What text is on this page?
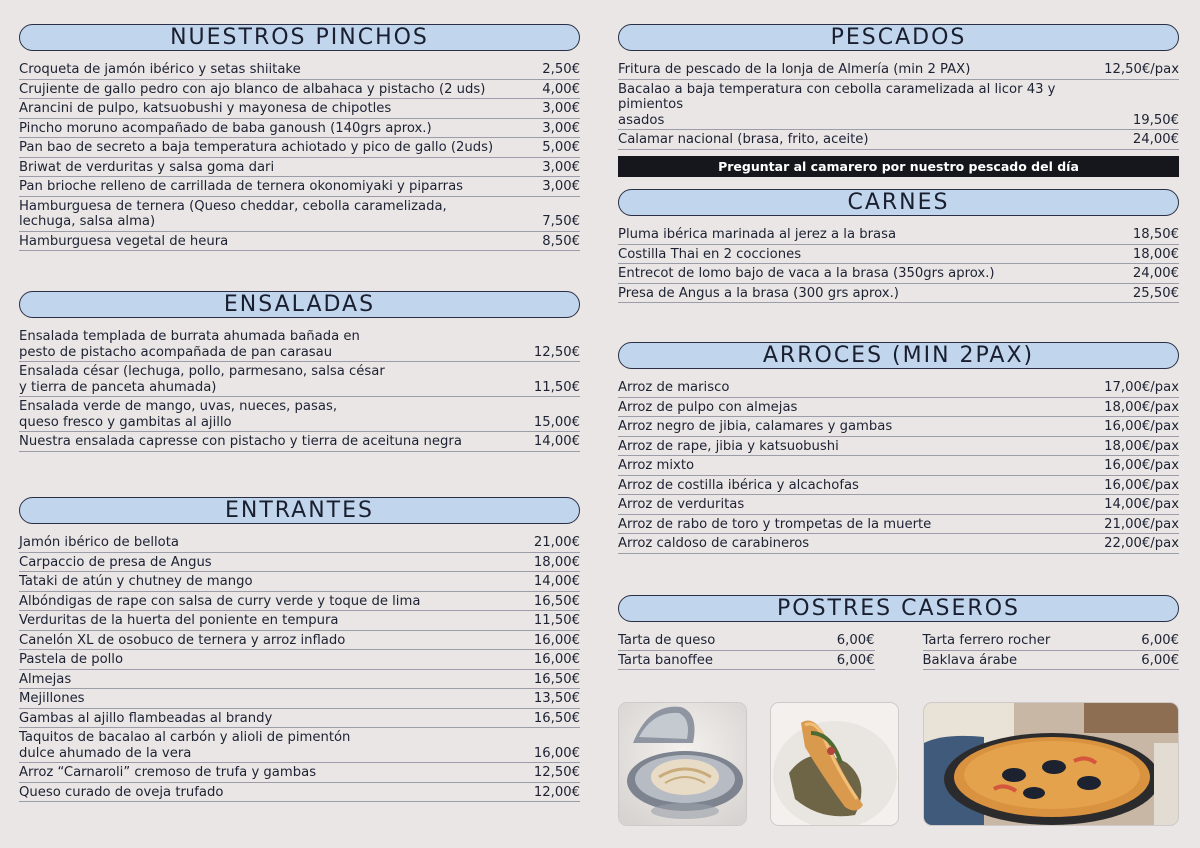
NUESTROS PINCHOS
Croqueta de jamón ibérico y setas shiitake	2,50€
Crujiente de gallo pedro con ajo blanco de albahaca y pistacho (2 uds)	4,00€
Arancini de pulpo, katsuobushi y mayonesa de chipotles	3,00€
Pincho moruno acompañado de baba ganoush (140grs aprox.)	3,00€
Pan bao de secreto a baja temperatura achiotado y pico de gallo (2uds)	5,00€
Briwat de verduritas y salsa goma dari	3,00€
Pan brioche relleno de carrillada de ternera okonomiyaki y piparras	3,00€
Hamburguesa de ternera (Queso cheddar, cebolla caramelizada,
lechuga, salsa alma)	7,50€
Hamburguesa vegetal de heura	8,50€
ENSALADAS
Ensalada templada de burrata ahumada bañada en
pesto de pistacho acompañada de pan carasau	12,50€
Ensalada césar (lechuga, pollo, parmesano, salsa césar
y tierra de panceta ahumada)	11,50€
Ensalada verde de mango, uvas, nueces, pasas,
queso fresco y gambitas al ajillo	15,00€
Nuestra ensalada capresse con pistacho y tierra de aceituna negra	14,00€
ENTRANTES
Jamón ibérico de bellota	21,00€
Carpaccio de presa de Angus	18,00€
Tataki de atún y chutney de mango	14,00€
Albóndigas de rape con salsa de curry verde y toque de lima	16,50€
Verduritas de la huerta del poniente en tempura	11,50€
Canelón XL de osobuco de ternera y arroz inflado	16,00€
Pastela de pollo	16,00€
Almejas	16,50€
Mejillones	13,50€
Gambas al ajillo flambeadas al brandy	16,50€
Taquitos de bacalao al carbón y alioli de pimentón
dulce ahumado de la vera	16,00€
Arroz “Carnaroli” cremoso de trufa y gambas	12,50€
Queso curado de oveja trufado	12,00€
PESCADOS
Fritura de pescado de la lonja de Almería (min 2 PAX)	12,50€/pax
Bacalao a baja temperatura con cebolla caramelizada al licor 43 y pimientos
asados	19,50€
Calamar nacional (brasa, frito, aceite)	24,00€
Preguntar al camarero por nuestro pescado del día
CARNES
Pluma ibérica marinada al jerez a la brasa	18,50€
Costilla Thai en 2 cocciones	18,00€
Entrecot de lomo bajo de vaca a la brasa (350grs aprox.)	24,00€
Presa de Angus a la brasa (300 grs aprox.)	25,50€
ARROCES (MIN 2PAX)
Arroz de marisco	17,00€/pax
Arroz de pulpo con almejas	18,00€/pax
Arroz negro de jibia, calamares y gambas	16,00€/pax
Arroz de rape, jibia y katsuobushi	18,00€/pax
Arroz mixto	16,00€/pax
Arroz de costilla ibérica y alcachofas	16,00€/pax
Arroz de verduritas	14,00€/pax
Arroz de rabo de toro y trompetas de la muerte	21,00€/pax
Arroz caldoso de carabineros	22,00€/pax
POSTRES CASEROS
Tarta de queso	6,00€
Tarta banoffee	6,00€
Tarta ferrero rocher	6,00€
Baklava árabe	6,00€
